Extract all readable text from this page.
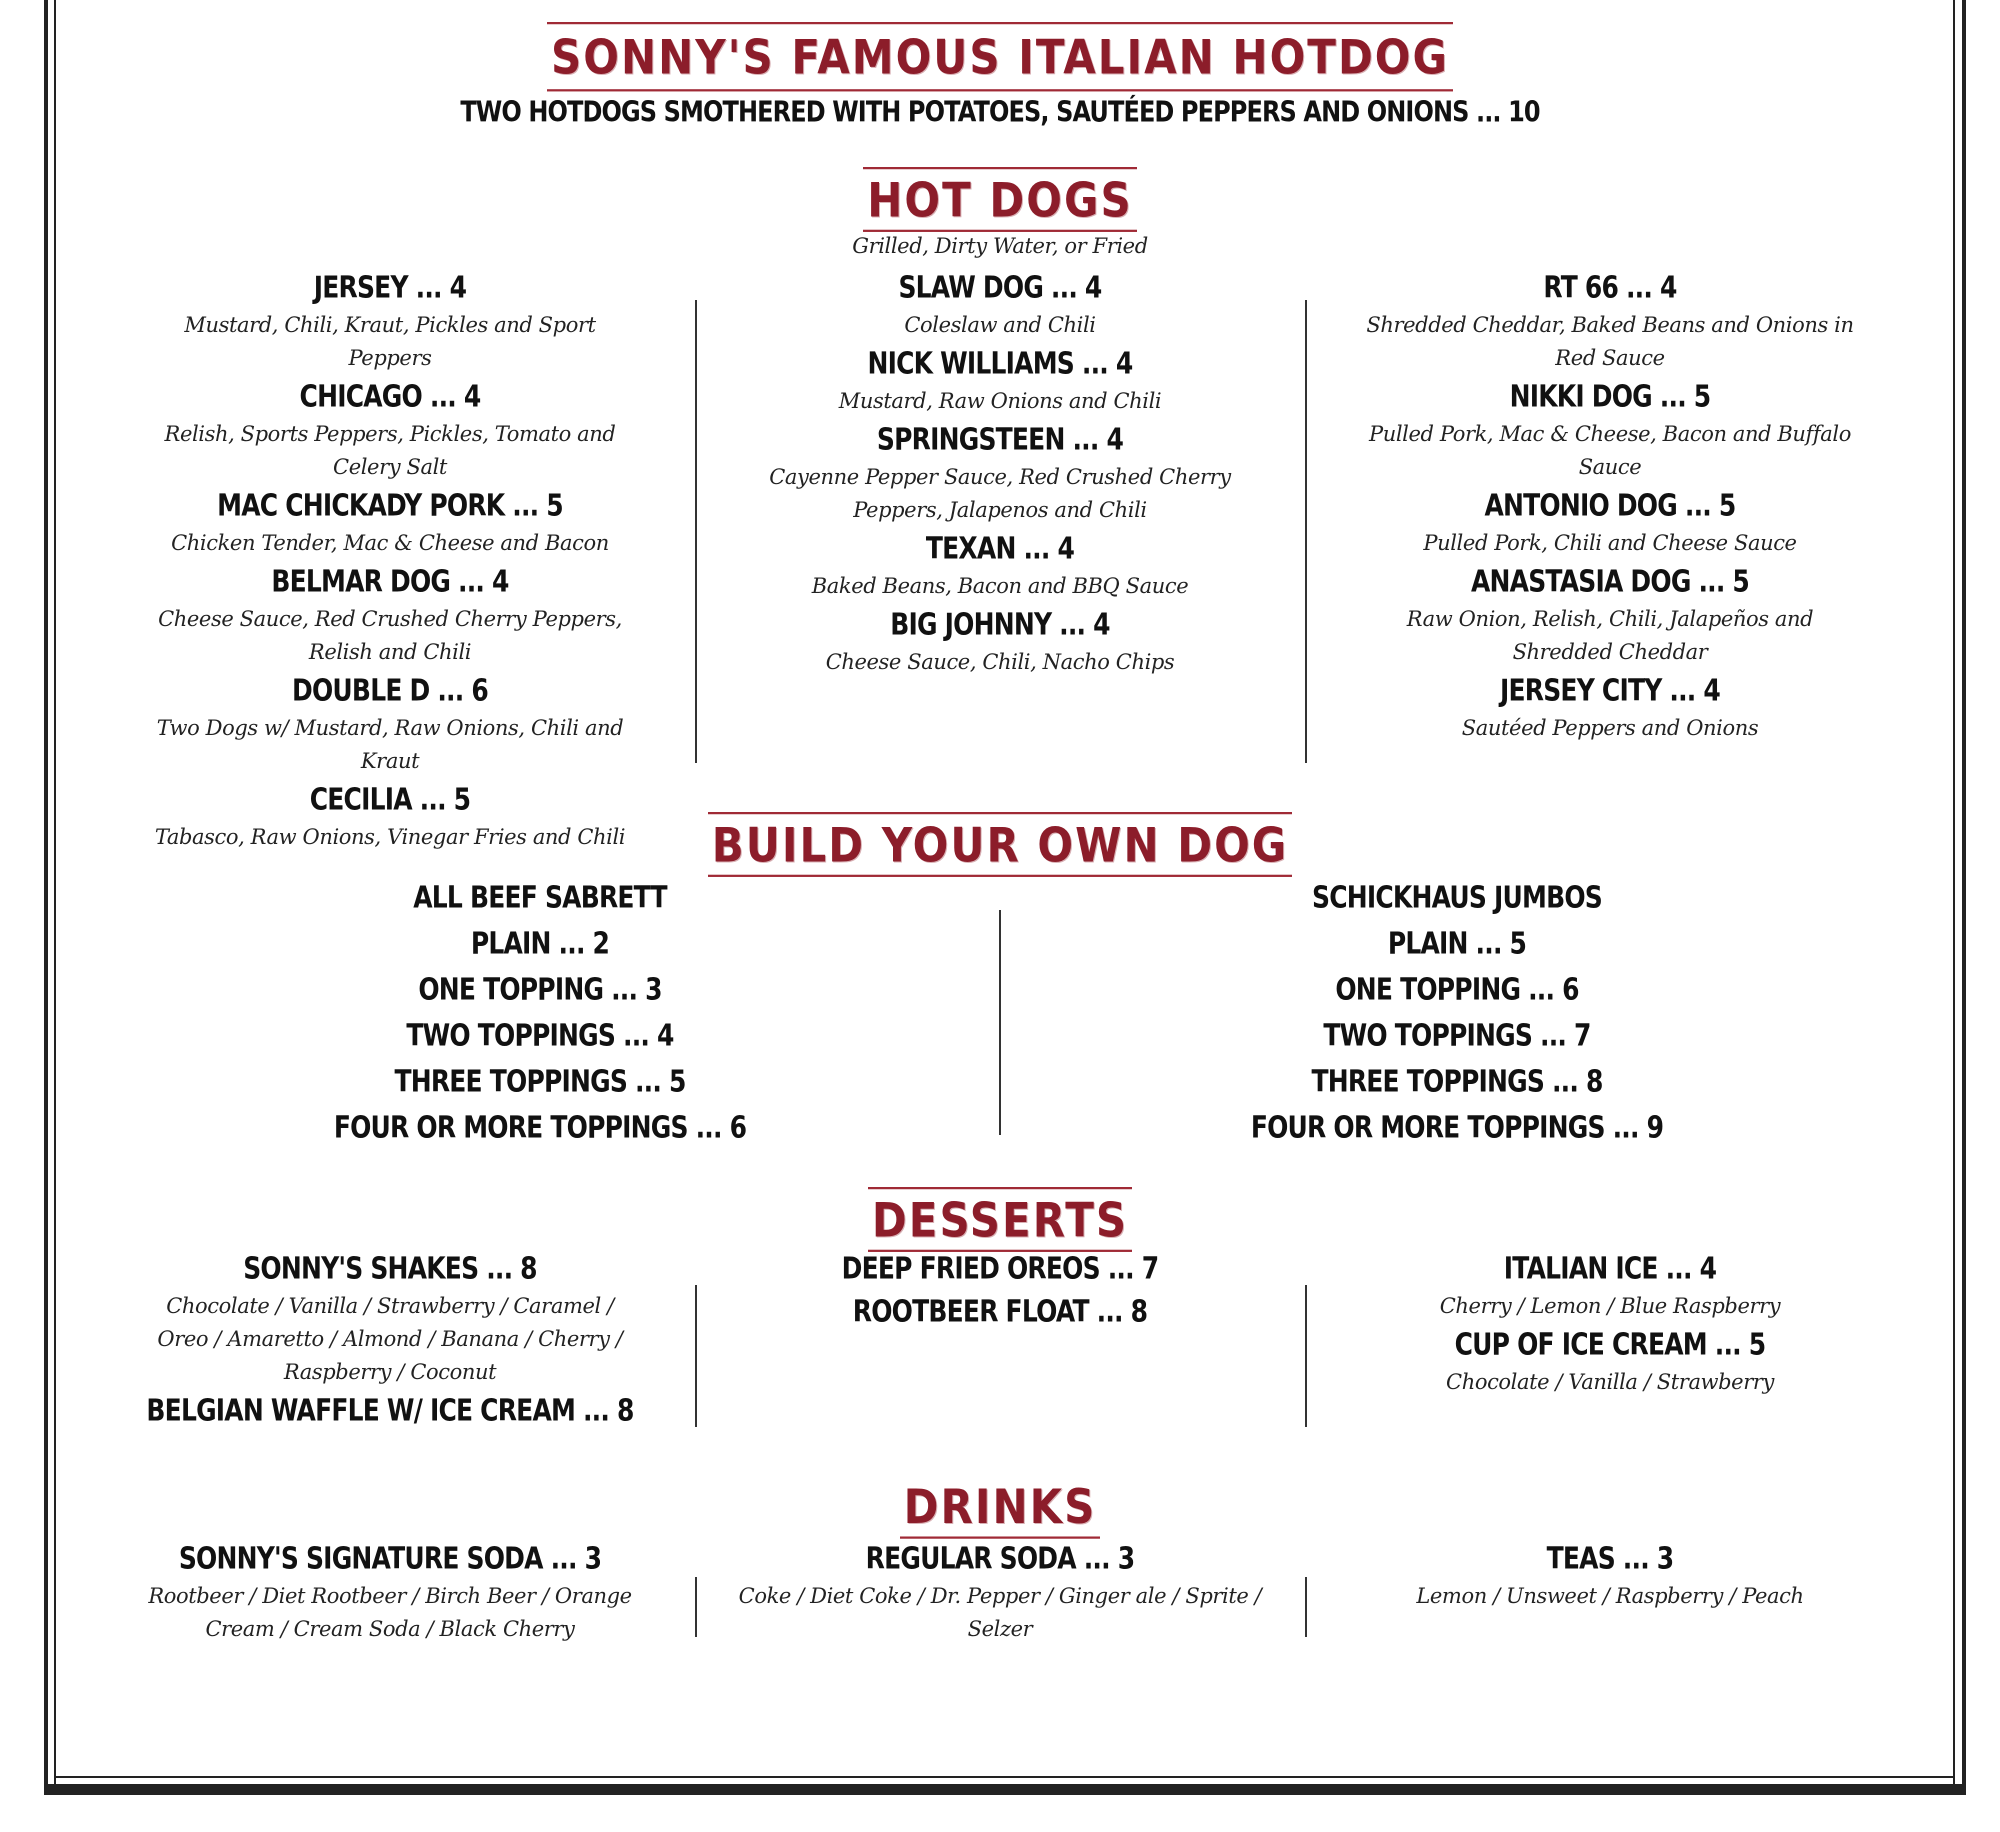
SONNY'S FAMOUS ITALIAN HOTDOG
TWO HOTDOGS SMOTHERED WITH POTATOES, SAUTÉED PEPPERS AND ONIONS ... 10
HOT DOGS
Grilled, Dirty Water, or Fried
JERSEY ... 4
Mustard, Chili, Kraut, Pickles and Sport Peppers
CHICAGO ... 4
Relish, Sports Peppers, Pickles, Tomato and Celery Salt
MAC CHICKADY PORK ... 5
Chicken Tender, Mac & Cheese and Bacon
BELMAR DOG ... 4
Cheese Sauce, Red Crushed Cherry Peppers, Relish and Chili
DOUBLE D ... 6
Two Dogs w/ Mustard, Raw Onions, Chili and Kraut
CECILIA ... 5
Tabasco, Raw Onions, Vinegar Fries and Chili
SLAW DOG ... 4
Coleslaw and Chili
NICK WILLIAMS ... 4
Mustard, Raw Onions and Chili
SPRINGSTEEN ... 4
Cayenne Pepper Sauce, Red Crushed Cherry Peppers, Jalapenos and Chili
TEXAN ... 4
Baked Beans, Bacon and BBQ Sauce
BIG JOHNNY ... 4
Cheese Sauce, Chili, Nacho Chips
RT 66 ... 4
Shredded Cheddar, Baked Beans and Onions in Red Sauce
NIKKI DOG ... 5
Pulled Pork, Mac & Cheese, Bacon and Buffalo Sauce
ANTONIO DOG ... 5
Pulled Pork, Chili and Cheese Sauce
ANASTASIA DOG ... 5
Raw Onion, Relish, Chili, Jalapeños and Shredded Cheddar
JERSEY CITY ... 4
Sautéed Peppers and Onions
BUILD YOUR OWN DOG
ALL BEEF SABRETT
PLAIN ... 2
ONE TOPPING ... 3
TWO TOPPINGS ... 4
THREE TOPPINGS ... 5
FOUR OR MORE TOPPINGS ... 6
SCHICKHAUS JUMBOS
PLAIN ... 5
ONE TOPPING ... 6
TWO TOPPINGS ... 7
THREE TOPPINGS ... 8
FOUR OR MORE TOPPINGS ... 9
DESSERTS
SONNY'S SHAKES ... 8
Chocolate / Vanilla / Strawberry / Caramel / Oreo / Amaretto / Almond / Banana / Cherry / Raspberry / Coconut
BELGIAN WAFFLE W/ ICE CREAM ... 8
DEEP FRIED OREOS ... 7
ROOTBEER FLOAT ... 8
ITALIAN ICE ... 4
Cherry / Lemon / Blue Raspberry
CUP OF ICE CREAM ... 5
Chocolate / Vanilla / Strawberry
DRINKS
SONNY'S SIGNATURE SODA ... 3
Rootbeer / Diet Rootbeer / Birch Beer / Orange Cream / Cream Soda / Black Cherry
REGULAR SODA ... 3
Coke / Diet Coke / Dr. Pepper / Ginger ale / Sprite / Selzer
TEAS ... 3
Lemon / Unsweet / Raspberry / Peach
